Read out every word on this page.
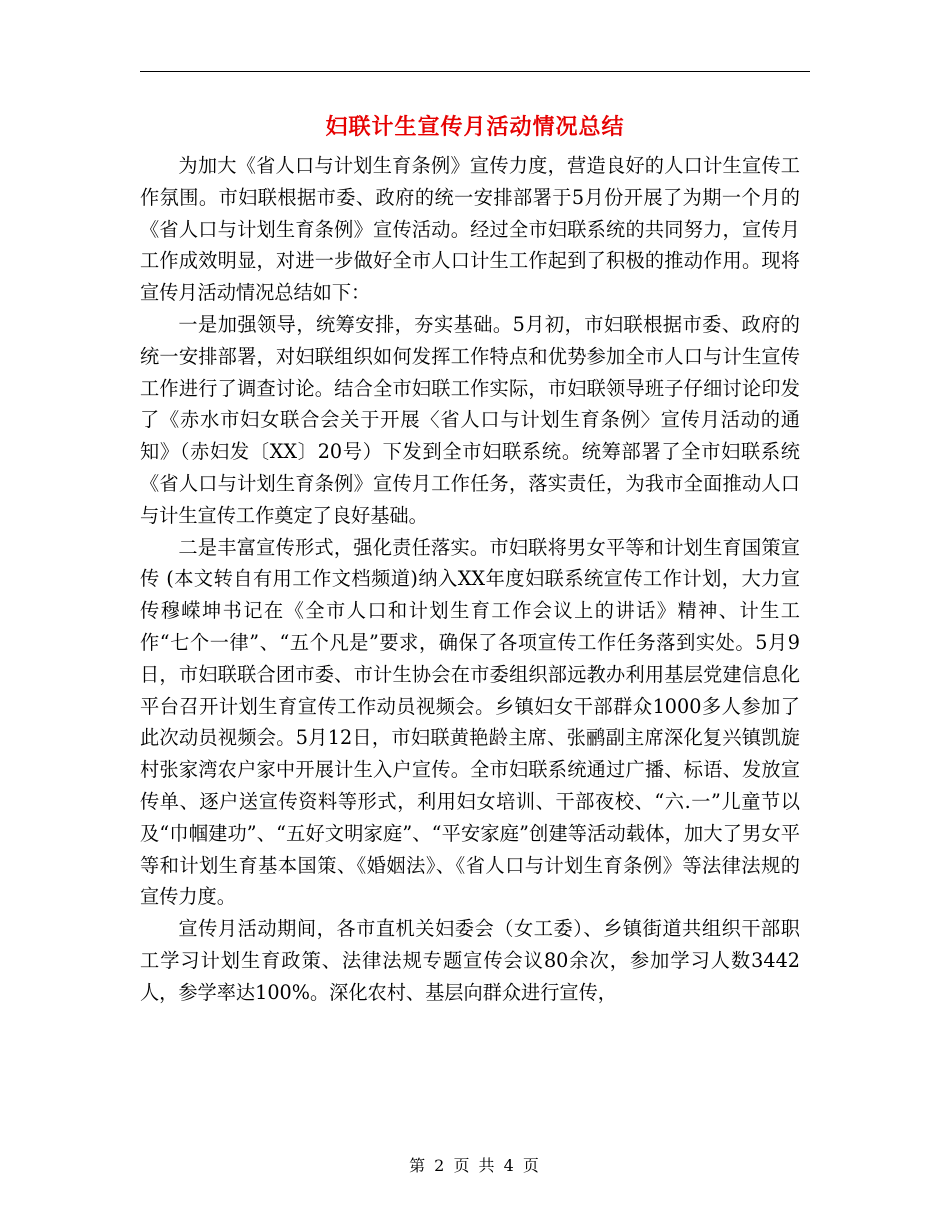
妇联计生宣传月活动情况总结

为加大《省人口与计划生育条例》宣传力度，营造良好的人口计生宣传工作氛围。市妇联根据市委、政府的统一安排部署于5月份开展了为期一个月的《省人口与计划生育条例》宣传活动。经过全市妇联系统的共同努力，宣传月工作成效明显，对进一步做好全市人口计生工作起到了积极的推动作用。现将宣传月活动情况总结如下：

一是加强领导，统筹安排，夯实基础。5月初，市妇联根据市委、政府的统一安排部署，对妇联组织如何发挥工作特点和优势参加全市人口与计生宣传工作进行了调查讨论。结合全市妇联工作实际，市妇联领导班子仔细讨论印发了《赤水市妇女联合会关于开展〈省人口与计划生育条例〉宣传月活动的通知》（赤妇发〔XX〕20号）下发到全市妇联系统。统筹部署了全市妇联系统《省人口与计划生育条例》宣传月工作任务，落实责任，为我市全面推动人口与计生宣传工作奠定了良好基础。

二是丰富宣传形式，强化责任落实。市妇联将男女平等和计划生育国策宣传 (本文转自有用工作文档频道)纳入XX年度妇联系统宣传工作计划，大力宣传穆嵘坤书记在《全市人口和计划生育工作会议上的讲话》精神、计生工作“七个一律”、“五个凡是”要求，确保了各项宣传工作任务落到实处。5月9日，市妇联联合团市委、市计生协会在市委组织部远教办利用基层党建信息化平台召开计划生育宣传工作动员视频会。乡镇妇女干部群众1000多人参加了此次动员视频会。5月12日，市妇联黄艳龄主席、张鹂副主席深化复兴镇凯旋村张家湾农户家中开展计生入户宣传。全市妇联系统通过广播、标语、发放宣传单、逐户送宣传资料等形式，利用妇女培训、干部夜校、“六.一”儿童节以及“巾帼建功”、“五好文明家庭”、“平安家庭”创建等活动载体，加大了男女平等和计划生育基本国策、《婚姻法》、《省人口与计划生育条例》等法律法规的宣传力度。

宣传月活动期间，各市直机关妇委会（女工委）、乡镇街道共组织干部职工学习计划生育政策、法律法规专题宣传会议80余次，参加学习人数3442人，参学率达100%。深化农村、基层向群众进行宣传，

第 2 页 共 4 页
